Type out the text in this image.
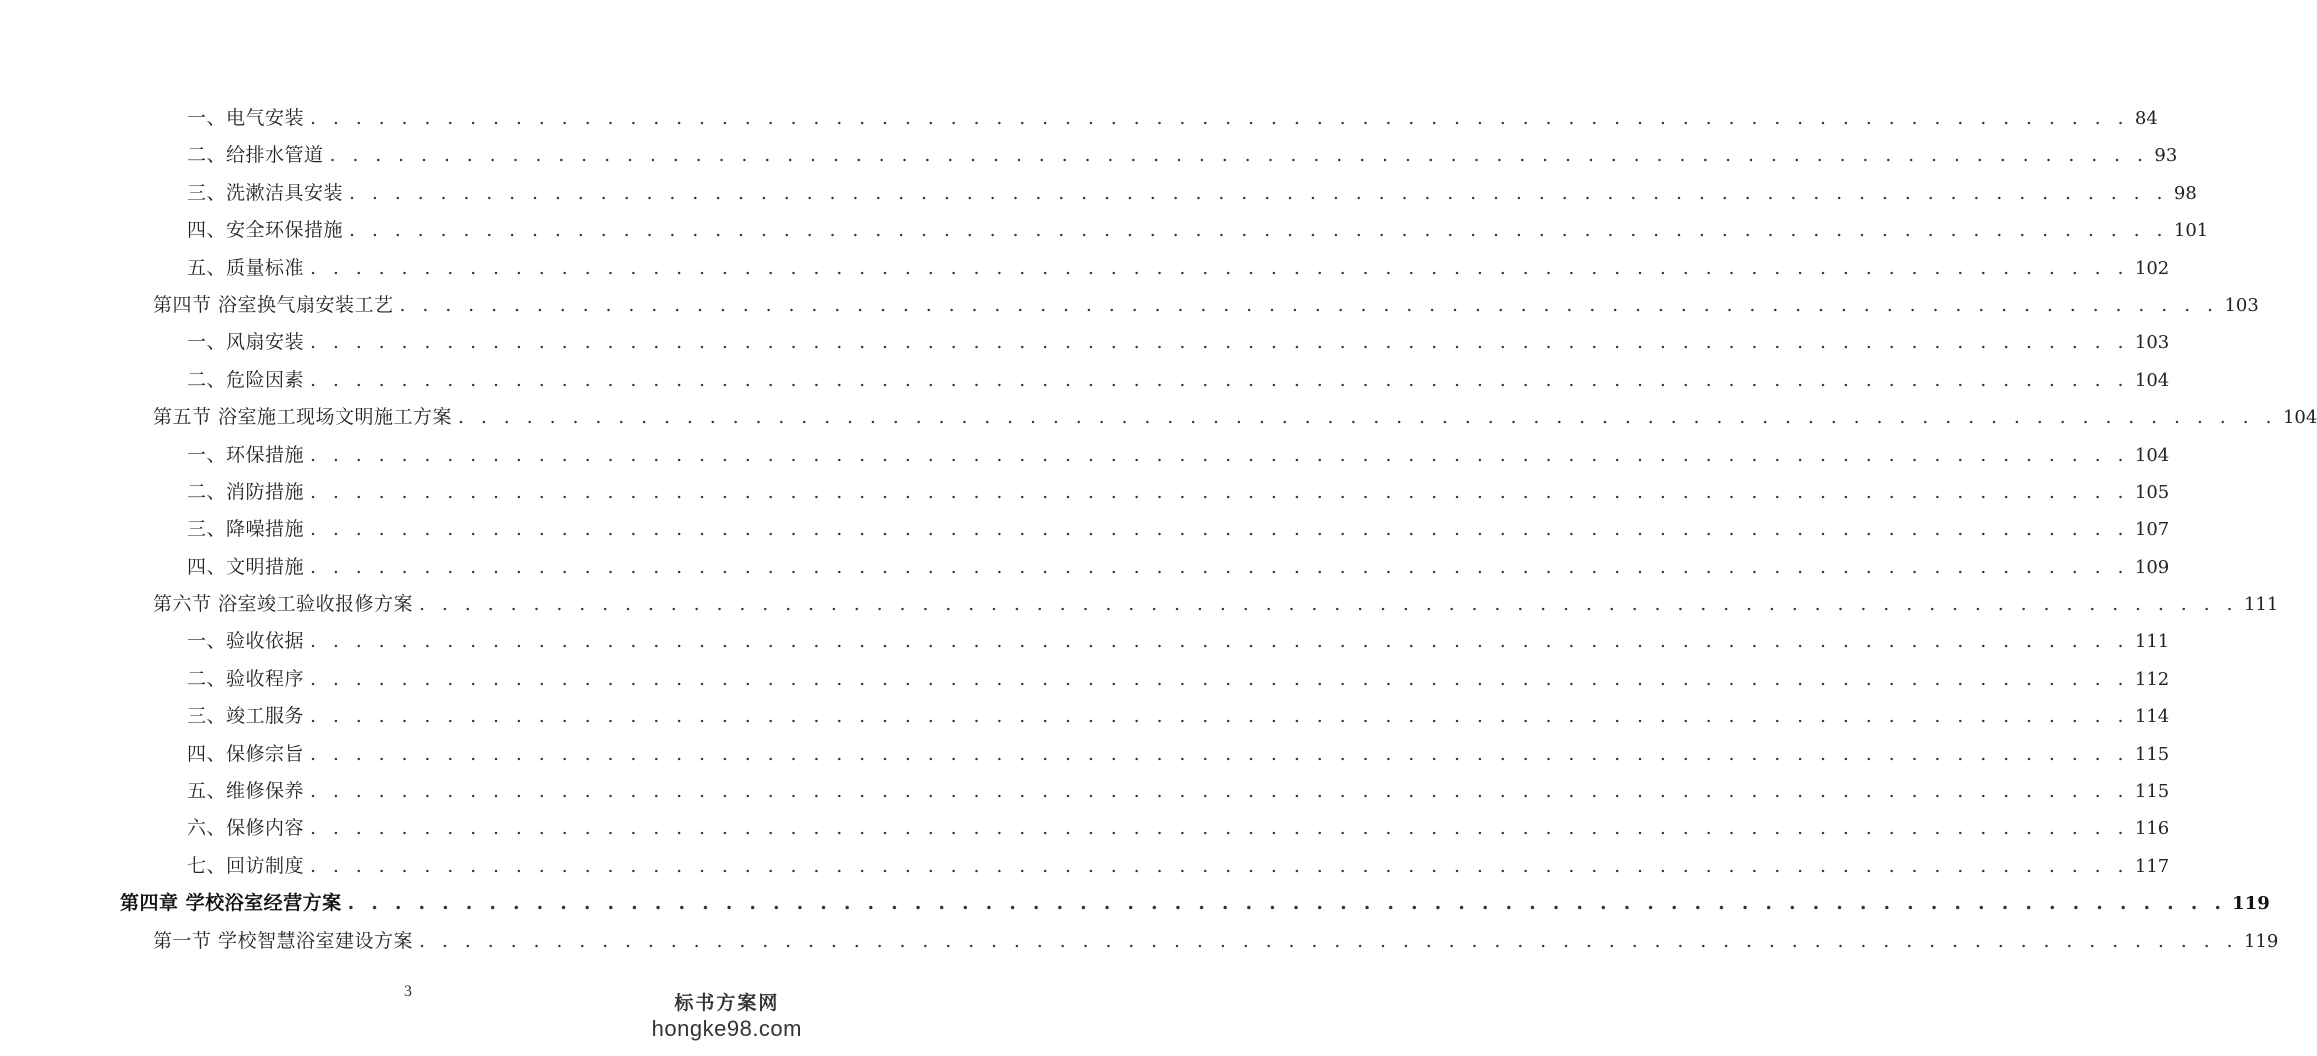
一、电气安装 . . . . . . . . . . . . . . . . . . . . . . . . . . . . . . . . . . . . . . . . . . . . . . . . . . . . . . . . . . . . . . . . . . . . . . . . . . . . . . . . 84
二、给排水管道 . . . . . . . . . . . . . . . . . . . . . . . . . . . . . . . . . . . . . . . . . . . . . . . . . . . . . . . . . . . . . . . . . . . . . . . . . . . . . . . . 93
三、洗漱洁具安装 . . . . . . . . . . . . . . . . . . . . . . . . . . . . . . . . . . . . . . . . . . . . . . . . . . . . . . . . . . . . . . . . . . . . . . . . . . . . . . . . 98
四、安全环保措施 . . . . . . . . . . . . . . . . . . . . . . . . . . . . . . . . . . . . . . . . . . . . . . . . . . . . . . . . . . . . . . . . . . . . . . . . . . . . . . . . 101
五、质量标准 . . . . . . . . . . . . . . . . . . . . . . . . . . . . . . . . . . . . . . . . . . . . . . . . . . . . . . . . . . . . . . . . . . . . . . . . . . . . . . . . 102
第四节 浴室换气扇安装工艺 . . . . . . . . . . . . . . . . . . . . . . . . . . . . . . . . . . . . . . . . . . . . . . . . . . . . . . . . . . . . . . . . . . . . . . . . . . . . . . . . 103
一、风扇安装 . . . . . . . . . . . . . . . . . . . . . . . . . . . . . . . . . . . . . . . . . . . . . . . . . . . . . . . . . . . . . . . . . . . . . . . . . . . . . . . . 103
二、危险因素 . . . . . . . . . . . . . . . . . . . . . . . . . . . . . . . . . . . . . . . . . . . . . . . . . . . . . . . . . . . . . . . . . . . . . . . . . . . . . . . . 104
第五节 浴室施工现场文明施工方案 . . . . . . . . . . . . . . . . . . . . . . . . . . . . . . . . . . . . . . . . . . . . . . . . . . . . . . . . . . . . . . . . . . . . . . . . . . . . . . . . 104
一、环保措施 . . . . . . . . . . . . . . . . . . . . . . . . . . . . . . . . . . . . . . . . . . . . . . . . . . . . . . . . . . . . . . . . . . . . . . . . . . . . . . . . 104
二、消防措施 . . . . . . . . . . . . . . . . . . . . . . . . . . . . . . . . . . . . . . . . . . . . . . . . . . . . . . . . . . . . . . . . . . . . . . . . . . . . . . . . 105
三、降噪措施 . . . . . . . . . . . . . . . . . . . . . . . . . . . . . . . . . . . . . . . . . . . . . . . . . . . . . . . . . . . . . . . . . . . . . . . . . . . . . . . . 107
四、文明措施 . . . . . . . . . . . . . . . . . . . . . . . . . . . . . . . . . . . . . . . . . . . . . . . . . . . . . . . . . . . . . . . . . . . . . . . . . . . . . . . . 109
第六节 浴室竣工验收报修方案 . . . . . . . . . . . . . . . . . . . . . . . . . . . . . . . . . . . . . . . . . . . . . . . . . . . . . . . . . . . . . . . . . . . . . . . . . . . . . . . . 111
一、验收依据 . . . . . . . . . . . . . . . . . . . . . . . . . . . . . . . . . . . . . . . . . . . . . . . . . . . . . . . . . . . . . . . . . . . . . . . . . . . . . . . . 111
二、验收程序 . . . . . . . . . . . . . . . . . . . . . . . . . . . . . . . . . . . . . . . . . . . . . . . . . . . . . . . . . . . . . . . . . . . . . . . . . . . . . . . . 112
三、竣工服务 . . . . . . . . . . . . . . . . . . . . . . . . . . . . . . . . . . . . . . . . . . . . . . . . . . . . . . . . . . . . . . . . . . . . . . . . . . . . . . . . 114
四、保修宗旨 . . . . . . . . . . . . . . . . . . . . . . . . . . . . . . . . . . . . . . . . . . . . . . . . . . . . . . . . . . . . . . . . . . . . . . . . . . . . . . . . 115
五、维修保养 . . . . . . . . . . . . . . . . . . . . . . . . . . . . . . . . . . . . . . . . . . . . . . . . . . . . . . . . . . . . . . . . . . . . . . . . . . . . . . . . 115
六、保修内容 . . . . . . . . . . . . . . . . . . . . . . . . . . . . . . . . . . . . . . . . . . . . . . . . . . . . . . . . . . . . . . . . . . . . . . . . . . . . . . . . 116
七、回访制度 . . . . . . . . . . . . . . . . . . . . . . . . . . . . . . . . . . . . . . . . . . . . . . . . . . . . . . . . . . . . . . . . . . . . . . . . . . . . . . . . 117
第四章 学校浴室经营方案 . . . . . . . . . . . . . . . . . . . . . . . . . . . . . . . . . . . . . . . . . . . . . . . . . . . . . . . . . . . . . . . . . . . . . . . . . . . . . . . . 119
第一节 学校智慧浴室建设方案 . . . . . . . . . . . . . . . . . . . . . . . . . . . . . . . . . . . . . . . . . . . . . . . . . . . . . . . . . . . . . . . . . . . . . . . . . . . . . . . . 119
3
标书方案网
hongke98.com
